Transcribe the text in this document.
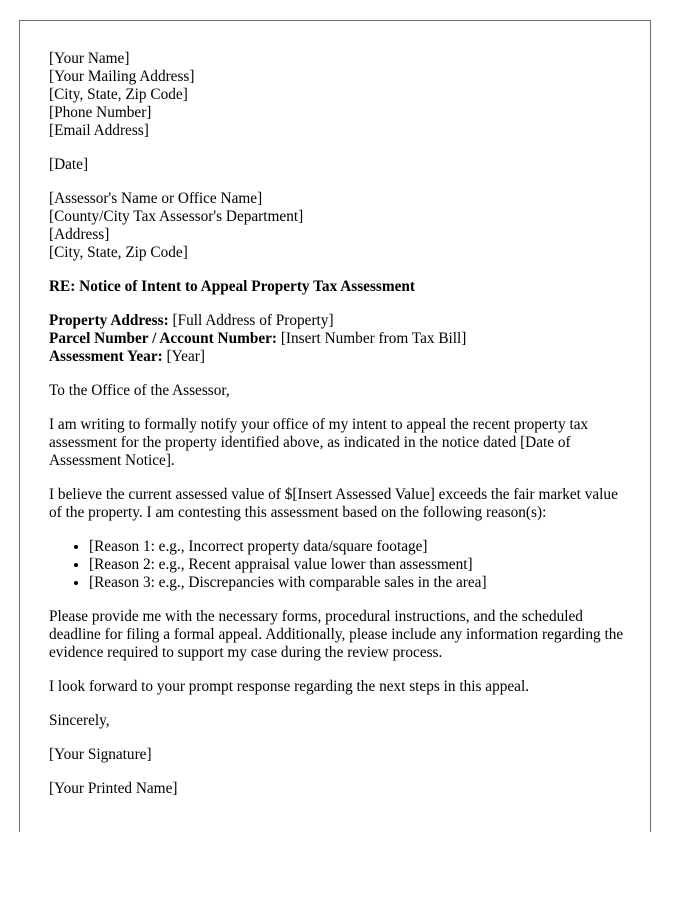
[Your Name]
[Your Mailing Address]
[City, State, Zip Code]
[Phone Number]
[Email Address]
[Date]
[Assessor's Name or Office Name]
[County/City Tax Assessor's Department]
[Address]
[City, State, Zip Code]
RE: Notice of Intent to Appeal Property Tax Assessment
Property Address: [Full Address of Property]
Parcel Number / Account Number: [Insert Number from Tax Bill]
Assessment Year: [Year]

To the Office of the Assessor,

I am writing to formally notify your office of my intent to appeal the recent property tax assessment for the property identified above, as indicated in the notice dated [Date of Assessment Notice].

I believe the current assessed value of $[Insert Assessed Value] exceeds the fair market value of the property. I am contesting this assessment based on the following reason(s):

• [Reason 1: e.g., Incorrect property data/square footage]
• [Reason 2: e.g., Recent appraisal value lower than assessment]
• [Reason 3: e.g., Discrepancies with comparable sales in the area]

Please provide me with the necessary forms, procedural instructions, and the scheduled deadline for filing a formal appeal. Additionally, please include any information regarding the evidence required to support my case during the review process.

I look forward to your prompt response regarding the next steps in this appeal.

Sincerely,

[Your Signature]

[Your Printed Name]
